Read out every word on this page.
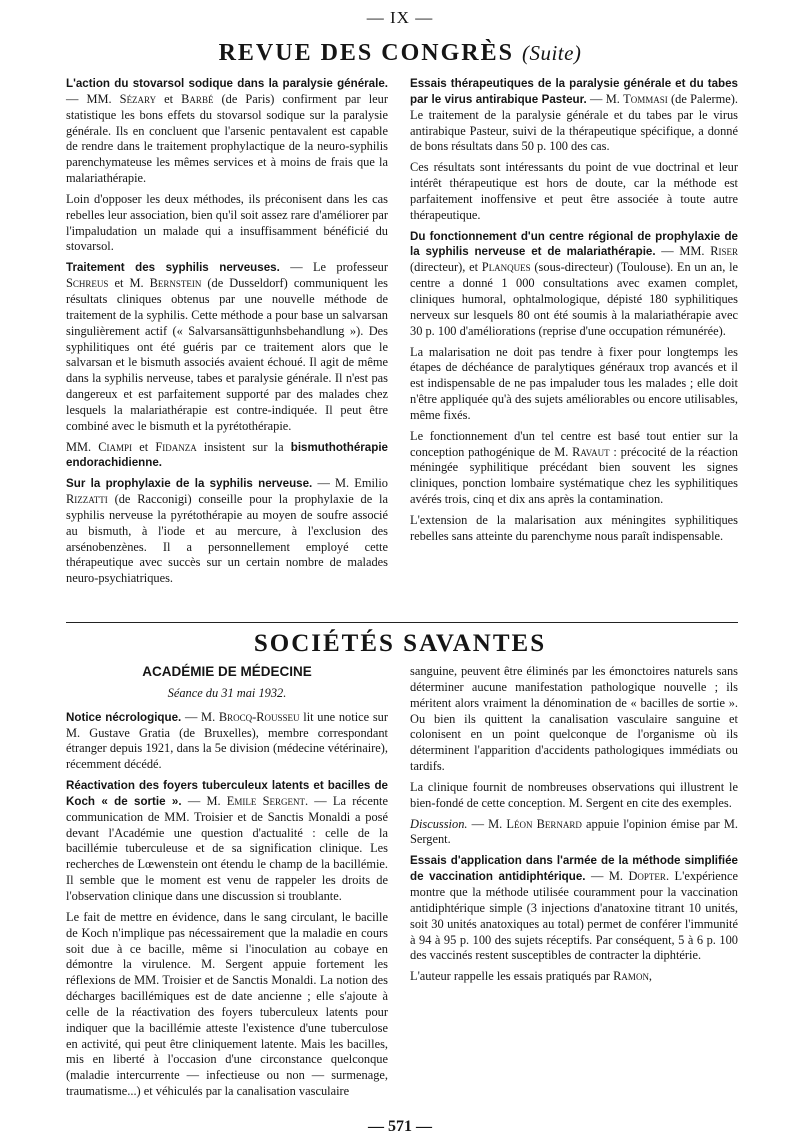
— IX —
REVUE DES CONGRÈS (Suite)

L'action du stovarsol sodique dans la paralysie générale.— MM. Sézary et Barbé (de Paris) confirment par leur statistique les bons effets du stovarsol sodique sur la paralysie générale. Ils en concluent que l'arsenic pentavalent est capable de rendre dans le traitement prophylactique de la neuro-syphilis parenchymateuse les mêmes services et à moins de frais que la malariathérapie.

Loin d'opposer les deux méthodes, ils préconisent dans les cas rebelles leur association, bien qu'il soit assez rare d'améliorer par l'impaludation un malade qui a insuffisamment bénéficié du stovarsol.

Traitement des syphilis nerveuses. — Le professeur Schreus et M. Bernstein (de Dusseldorf) communiquent les résultats cliniques obtenus par une nouvelle méthode de traitement de la syphilis. Cette méthode a pour base un salvarsan singulièrement actif (« Salvarsansättigunhsbehandlung »). Des syphilitiques ont été guéris par ce traitement alors que le salvarsan et le bismuth associés avaient échoué. Il agit de même dans la syphilis nerveuse, tabes et paralysie générale. Il n'est pas dangereux et est parfaitement supporté par des malades chez lesquels la malariathérapie est contre-indiquée. Il peut être combiné avec le bismuth et la pyrétothérapie.

MM. Ciampi et Fidanza insistent sur la bismuthothérapie endorachidienne.

Sur la prophylaxie de la syphilis nerveuse. — M. Emilio Rizzatti (de Racconigi) conseille pour la prophylaxie de la syphilis nerveuse la pyrétothérapie au moyen de soufre associé au bismuth, à l'iode et au mercure, à l'exclusion des arsénobenzènes. Il a personnellement employé cette thérapeutique avec succès sur un certain nombre de malades neuro-psychiatriques.

Essais thérapeutiques de la paralysie générale et du tabes par le virus antirabique Pasteur. — M. Tommasi (de Palerme). Le traitement de la paralysie générale et du tabes par le virus antirabique Pasteur, suivi de la thérapeutique spécifique, a donné de bons résultats dans 50 p. 100 des cas.

Ces résultats sont intéressants du point de vue doctrinal et leur intérêt thérapeutique est hors de doute, car la méthode est parfaitement inoffensive et peut être associée à toute autre thérapeutique.

Du fonctionnement d'un centre régional de prophylaxie de la syphilis nerveuse et de malariathérapie. — MM. Riser (directeur), et Planques (sous-directeur) (Toulouse). En un an, le centre a donné 1 000 consultations avec examen complet, cliniques humoral, ophtalmologique, dépisté 180 syphilitiques nerveux sur lesquels 80 ont été soumis à la malariathérapie avec 30 p. 100 d'améliorations (reprise d'une occupation rémunérée).

La malarisation ne doit pas tendre à fixer pour longtemps les étapes de déchéance de paralytiques généraux trop avancés et il est indispensable de ne pas impaluder tous les malades ; elle doit n'être appliquée qu'à des sujets améliorables ou encore utilisables, même fixés.

Le fonctionnement d'un tel centre est basé tout entier sur la conception pathogénique de M. Ravaut : précocité de la réaction méningée syphilitique précédant bien souvent les signes cliniques, ponction lombaire systématique chez les syphilitiques avérés trois, cinq et dix ans après la contamination.

L'extension de la malarisation aux méningites syphilitiques rebelles sans atteinte du parenchyme nous paraît indispensable.

SOCIÉTÉS SAVANTES

ACADÉMIE DE MÉDECINE

Séance du 31 mai 1932.

Notice nécrologique. — M. Brocq-Rousseu lit une notice sur M. Gustave Gratia (de Bruxelles), membre correspondant étranger depuis 1921, dans la 5e division (médecine vétérinaire), récemment décédé.

Réactivation des foyers tuberculeux latents et bacilles de Koch « de sortie ». — M. Emile Sergent. — La récente communication de MM. Troisier et de Sanctis Monaldi a posé devant l'Académie une question d'actualité : celle de la bacillémie tuberculeuse et de sa signification clinique. Les recherches de Lœwenstein ont étendu le champ de la bacillémie. Il semble que le moment est venu de rappeler les droits de l'observation clinique dans une discussion si troublante.

Le fait de mettre en évidence, dans le sang circulant, le bacille de Koch n'implique pas nécessairement que la maladie en cours soit due à ce bacille, même si l'inoculation au cobaye en démontre la virulence. M. Sergent appuie fortement les réflexions de MM. Troisier et de Sanctis Monaldi. La notion des décharges bacillémiques est de date ancienne ; elle s'ajoute à celle de la réactivation des foyers tuberculeux latents pour indiquer que la bacillémie atteste l'existence d'une tuberculose en activité, qui peut être cliniquement latente. Mais les bacilles, mis en liberté à l'occasion d'une circonstance quelconque (maladie intercurrente — infectieuse ou non — surmenage, traumatisme...) et véhiculés par la canalisation vasculaire

sanguine, peuvent être éliminés par les émonctoires naturels sans déterminer aucune manifestation pathologique nouvelle ; ils méritent alors vraiment la dénomination de « bacilles de sortie ». Ou bien ils quittent la canalisation vasculaire sanguine et colonisent en un point quelconque de l'organisme où ils déterminent l'apparition d'accidents pathologiques immédiats ou tardifs.

La clinique fournit de nombreuses observations qui illustrent le bien-fondé de cette conception. M. Sergent en cite des exemples.

Discussion. — M. Léon Bernard appuie l'opinion émise par M. Sergent.

Essais d'application dans l'armée de la méthode simplifiée de vaccination antidiphtérique. — M. Dopter. L'expérience montre que la méthode utilisée couramment pour la vaccination antidiphtérique simple (3 injections d'anatoxine titrant 10 unités, soit 30 unités anatoxiques au total) permet de conférer l'immunité à 94 à 95 p. 100 des sujets réceptifs. Par conséquent, 5 à 6 p. 100 des vaccinés restent susceptibles de contracter la diphtérie.

L'auteur rappelle les essais pratiqués par Ramon,

— 571 —
